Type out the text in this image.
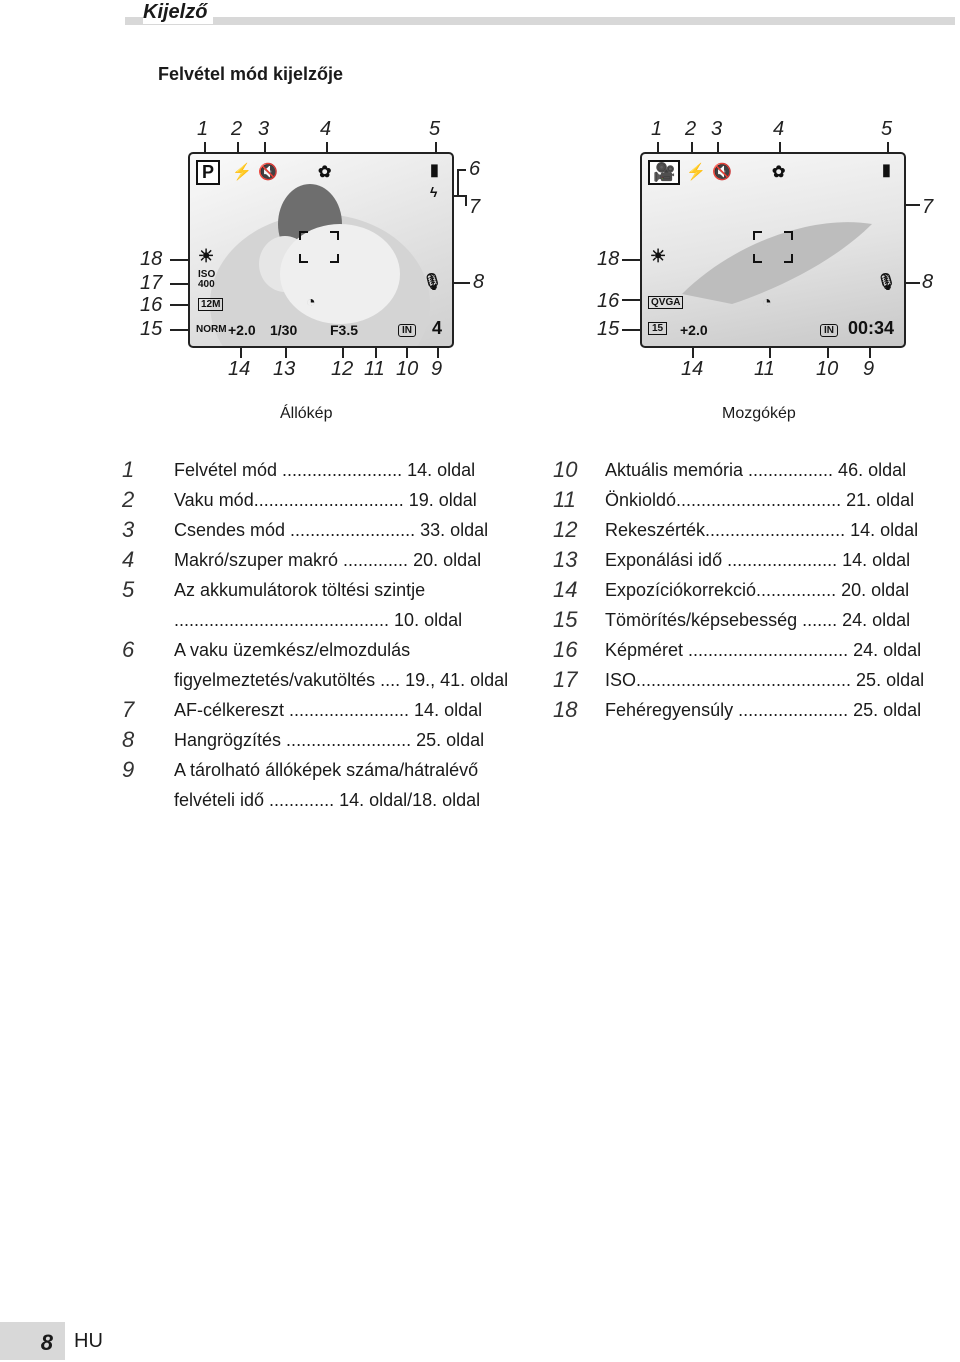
Kijelző
Felvétel mód kijelzője
P	⚡ 🔇	✿	▮
ϟ
☀
ISO 400
12M
NORM +2.0 1/30 F3.5	IN 4
🎙
◔
🎥 ⚡ 🔇	✿	▮
☀
QVGA
15 +2.0
◔
IN 00:34
🎙
1 2 3	4	5
6
7
8
18
17
16
15
14 13 12 11 10 9
Állókép
1 2 3	4	5
7
8
18
16
15
14	11 10 9
Mozgókép
1	Felvétel mód ........................ 14. oldal
2	Vaku mód.............................. 19. oldal
3	Csendes mód ......................... 33. oldal
4	Makró/szuper makró ............. 20. oldal
5	Az akkumulátorok töltési szintje
........................................... 10. oldal
6	A vaku üzemkész/elmozdulás
figyelmeztetés/vakutöltés .... 19., 41. oldal
7	AF-célkereszt ........................ 14. oldal
8	Hangrögzítés ......................... 25. oldal
9	A tárolható állóképek száma/hátralévő
felvételi idő ............. 14. oldal/18. oldal
10	Aktuális memória ................. 46. oldal
11	Önkioldó................................. 21. oldal
12	Rekeszérték............................ 14. oldal
13	Exponálási idő ...................... 14. oldal
14	Expozíciókorrekció................ 20. oldal
15	Tömörítés/képsebesség ....... 24. oldal
16	Képméret ................................ 24. oldal
17	ISO........................................... 25. oldal
18	Fehéregyensúly ...................... 25. oldal
8	HU
